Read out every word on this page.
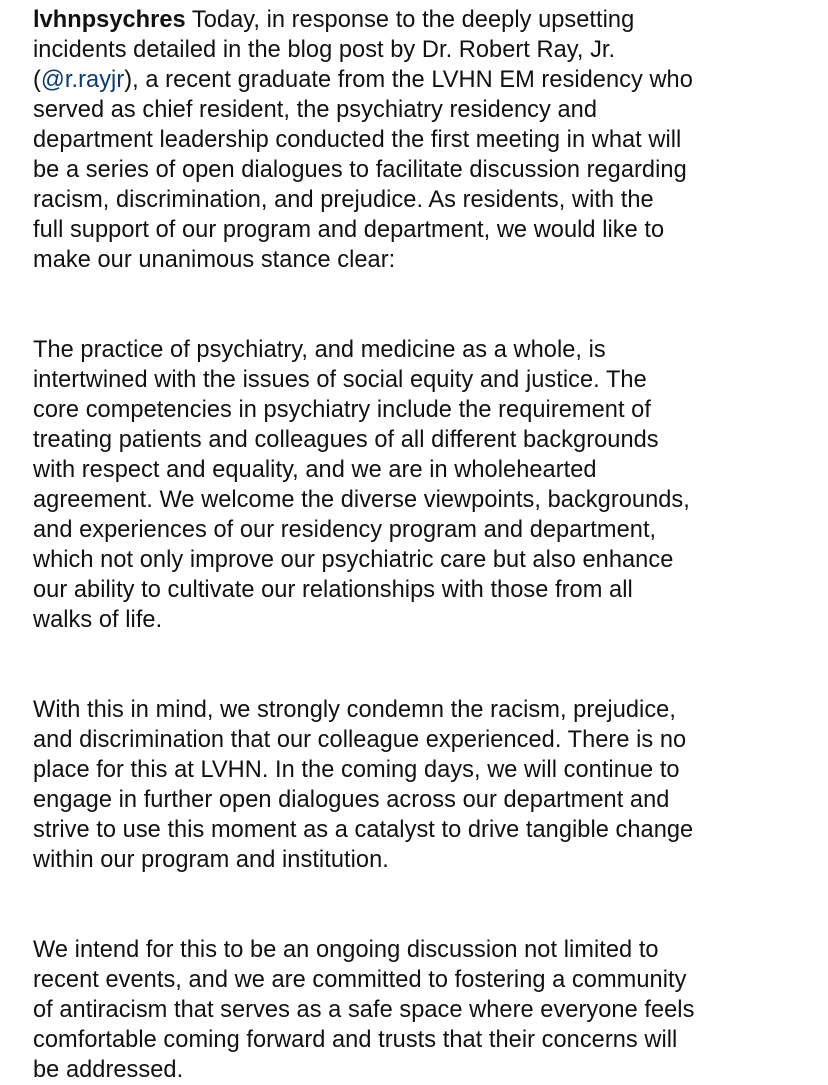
lvhnpsychres Today, in response to the deeply upsetting
incidents detailed in the blog post by Dr. Robert Ray, Jr.
(@r.rayjr), a recent graduate from the LVHN EM residency who
served as chief resident, the psychiatry residency and
department leadership conducted the first meeting in what will
be a series of open dialogues to facilitate discussion regarding
racism, discrimination, and prejudice. As residents, with the
full support of our program and department, we would like to
make our unanimous stance clear:
The practice of psychiatry, and medicine as a whole, is
intertwined with the issues of social equity and justice. The
core competencies in psychiatry include the requirement of
treating patients and colleagues of all different backgrounds
with respect and equality, and we are in wholehearted
agreement. We welcome the diverse viewpoints, backgrounds,
and experiences of our residency program and department,
which not only improve our psychiatric care but also enhance
our ability to cultivate our relationships with those from all
walks of life.
With this in mind, we strongly condemn the racism, prejudice,
and discrimination that our colleague experienced. There is no
place for this at LVHN. In the coming days, we will continue to
engage in further open dialogues across our department and
strive to use this moment as a catalyst to drive tangible change
within our program and institution.
We intend for this to be an ongoing discussion not limited to
recent events, and we are committed to fostering a community
of antiracism that serves as a safe space where everyone feels
comfortable coming forward and trusts that their concerns will
be addressed.
